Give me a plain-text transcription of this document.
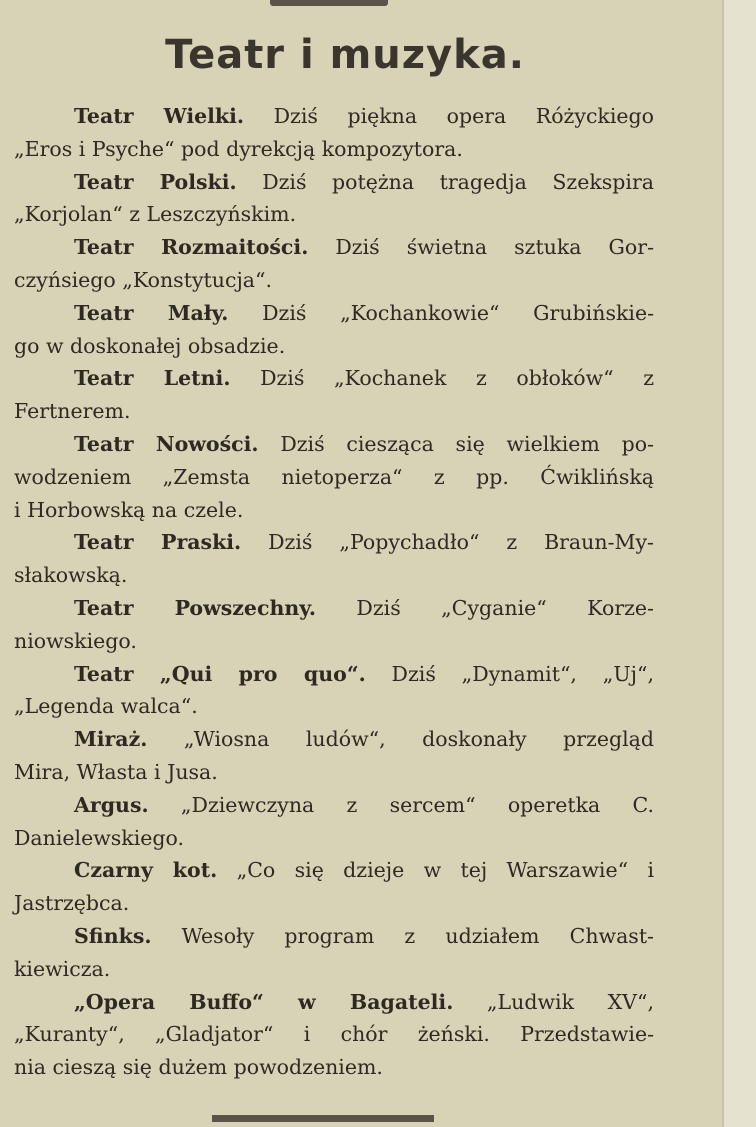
Teatr i muzyka.

Teatr Wielki. Dziś piękna opera Różyckiego
„Eros i Psyche“ pod dyrekcją kompozytora.

Teatr Polski. Dziś potężna tragedja Szekspira
„Korjolan“ z Leszczyńskim.

Teatr Rozmaitości. Dziś świetna sztuka Gor-
czyńsiego „Konstytucja“.

Teatr Mały. Dziś „Kochankowie“ Grubińskie-
go w doskonałej obsadzie.

Teatr Letni. Dziś „Kochanek z obłoków“ z
Fertnerem.

Teatr Nowości. Dziś ciesząca się wielkiem po-
wodzeniem „Zemsta nietoperza“ z pp. Ćwiklińską
i Horbowską na czele.

Teatr Praski. Dziś „Popychadło“ z Braun-My-
słakowską.

Teatr Powszechny. Dziś „Cyganie“ Korze-
niowskiego.

Teatr „Qui pro quo“. Dziś „Dynamit“, „Uj“,
„Legenda walca“.

Miraż. „Wiosna ludów“, doskonały przegląd
Mira, Własta i Jusa.

Argus. „Dziewczyna z sercem“ operetka C.
Danielewskiego.

Czarny kot. „Co się dzieje w tej Warszawie“ i
Jastrzębca.

Sfinks. Wesoły program z udziałem Chwast-
kiewicza.

„Opera Buffo“ w Bagateli. „Ludwik XV“,
„Kuranty“, „Gladjator“ i chór żeński. Przedstawie-
nia cieszą się dużem powodzeniem.
